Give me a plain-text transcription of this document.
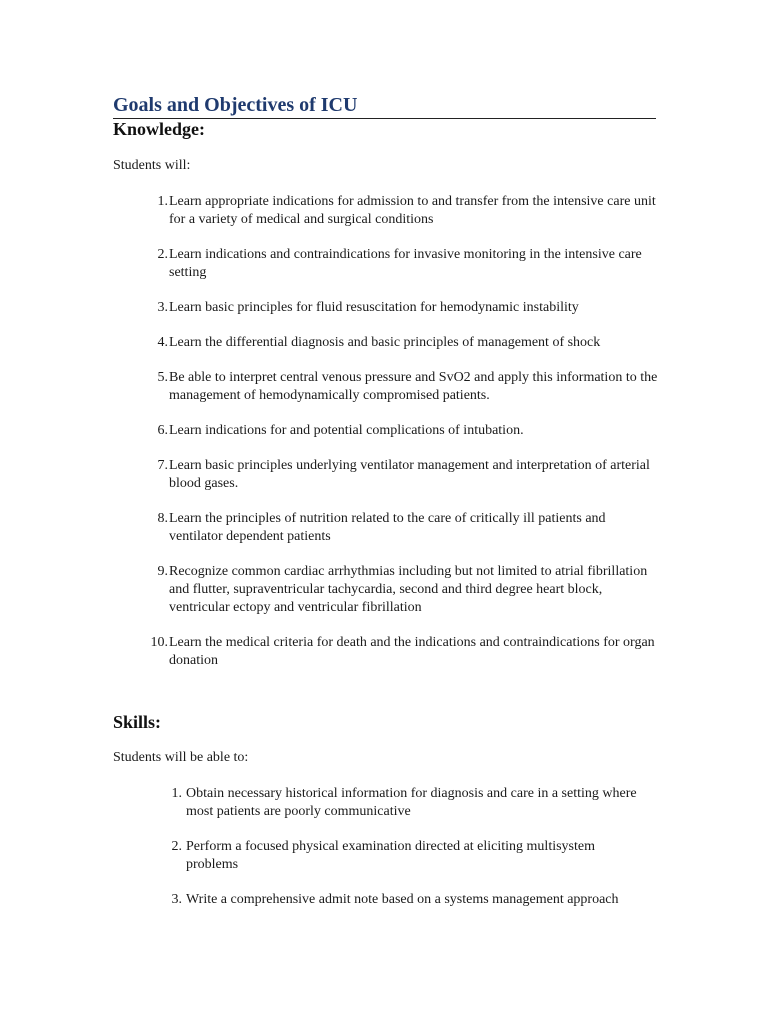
Goals and Objectives of ICU
Knowledge:

Students will:

1. Learn appropriate indications for admission to and transfer from the intensive care unit for a variety of medical and surgical conditions
2. Learn indications and contraindications for invasive monitoring in the intensive care setting
3. Learn basic principles for fluid resuscitation for hemodynamic instability
4. Learn the differential diagnosis and basic principles of management of shock
5. Be able to interpret central venous pressure and SvO2 and apply this information to the management of hemodynamically compromised patients.
6. Learn indications for and potential complications of intubation.
7. Learn basic principles underlying ventilator management and interpretation of arterial blood gases.
8. Learn the principles of nutrition related to the care of critically ill patients and ventilator dependent patients
9. Recognize common cardiac arrhythmias including but not limited to atrial fibrillation and flutter, supraventricular tachycardia, second and third degree heart block, ventricular ectopy and ventricular fibrillation
10. Learn the medical criteria for death and the indications and contraindications for organ donation
Skills:

Students will be able to:

1. Obtain necessary historical information for diagnosis and care in a setting where most patients are poorly communicative
2. Perform a focused physical examination directed at eliciting multisystem problems
3. Write a comprehensive admit note based on a systems management approach
